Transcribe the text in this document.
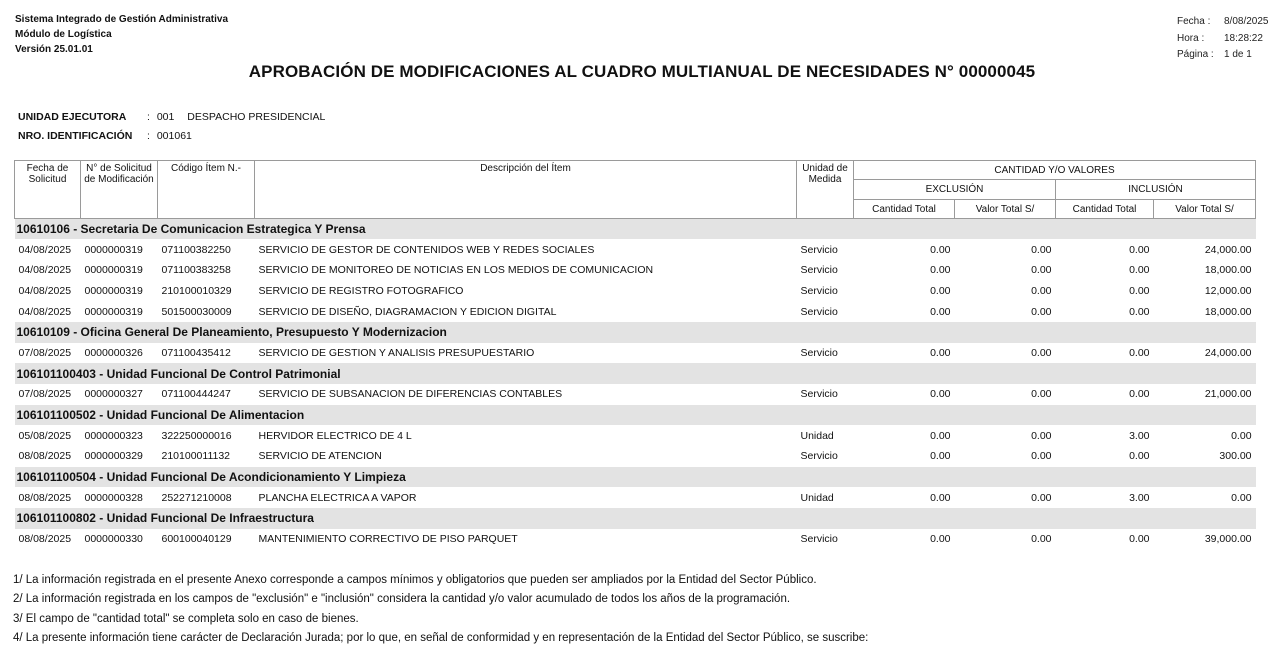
Sistema Integrado de Gestión Administrativa
Módulo de Logística
Versión 25.01.01
Fecha :	8/08/2025
Hora :	18:28:22
Página :	1 de 1
APROBACIÓN DE MODIFICACIONES AL CUADRO MULTIANUAL DE NECESIDADES N° 00000045
UNIDAD EJECUTORA : 001 DESPACHO PRESIDENCIAL
NRO. IDENTIFICACIÓN : 001061
Fecha de Solicitud	N° de Solicitud de Modificación	Código Ítem N.-	Descripción del Ítem	Unidad de Medida	CANTIDAD Y/O VALORES			
					EXCLUSIÓN		INCLUSIÓN	
					Cantidad Total	Valor Total S/	Cantidad Total	Valor Total S/
10610106 - Secretaria De Comunicacion Estrategica Y Prensa								
04/08/2025	0000000319	071100382250	SERVICIO DE GESTOR DE CONTENIDOS WEB Y REDES SOCIALES	Servicio	0.00	0.00	0.00	24,000.00
04/08/2025	0000000319	071100383258	SERVICIO DE MONITOREO DE NOTICIAS EN LOS MEDIOS DE COMUNICACION	Servicio	0.00	0.00	0.00	18,000.00
04/08/2025	0000000319	210100010329	SERVICIO DE REGISTRO FOTOGRAFICO	Servicio	0.00	0.00	0.00	12,000.00
04/08/2025	0000000319	501500030009	SERVICIO DE DISEÑO, DIAGRAMACION Y EDICION DIGITAL	Servicio	0.00	0.00	0.00	18,000.00
10610109 - Oficina General De Planeamiento, Presupuesto Y Modernizacion								
07/08/2025	0000000326	071100435412	SERVICIO DE GESTION Y ANALISIS PRESUPUESTARIO	Servicio	0.00	0.00	0.00	24,000.00
106101100403 - Unidad Funcional De Control Patrimonial								
07/08/2025	0000000327	071100444247	SERVICIO DE SUBSANACION DE DIFERENCIAS CONTABLES	Servicio	0.00	0.00	0.00	21,000.00
106101100502 - Unidad Funcional De Alimentacion								
05/08/2025	0000000323	322250000016	HERVIDOR ELECTRICO DE 4 L	Unidad	0.00	0.00	3.00	0.00
08/08/2025	0000000329	210100011132	SERVICIO DE ATENCION	Servicio	0.00	0.00	0.00	300.00
106101100504 - Unidad Funcional De Acondicionamiento Y Limpieza								
08/08/2025	0000000328	252271210008	PLANCHA ELECTRICA A VAPOR	Unidad	0.00	0.00	3.00	0.00
106101100802 - Unidad Funcional De Infraestructura								
08/08/2025	0000000330	600100040129	MANTENIMIENTO CORRECTIVO DE PISO PARQUET	Servicio	0.00	0.00	0.00	39,000.00
1/ La información registrada en el presente Anexo corresponde a campos mínimos y obligatorios que pueden ser ampliados por la Entidad del Sector Público.
2/ La información registrada en los campos de "exclusión" e "inclusión" considera la cantidad y/o valor acumulado de todos los años de la programación.
3/ El campo de "cantidad total" se completa solo en caso de bienes.
4/ La presente información tiene carácter de Declaración Jurada; por lo que, en señal de conformidad y en representación de la Entidad del Sector Público, se suscribe:
